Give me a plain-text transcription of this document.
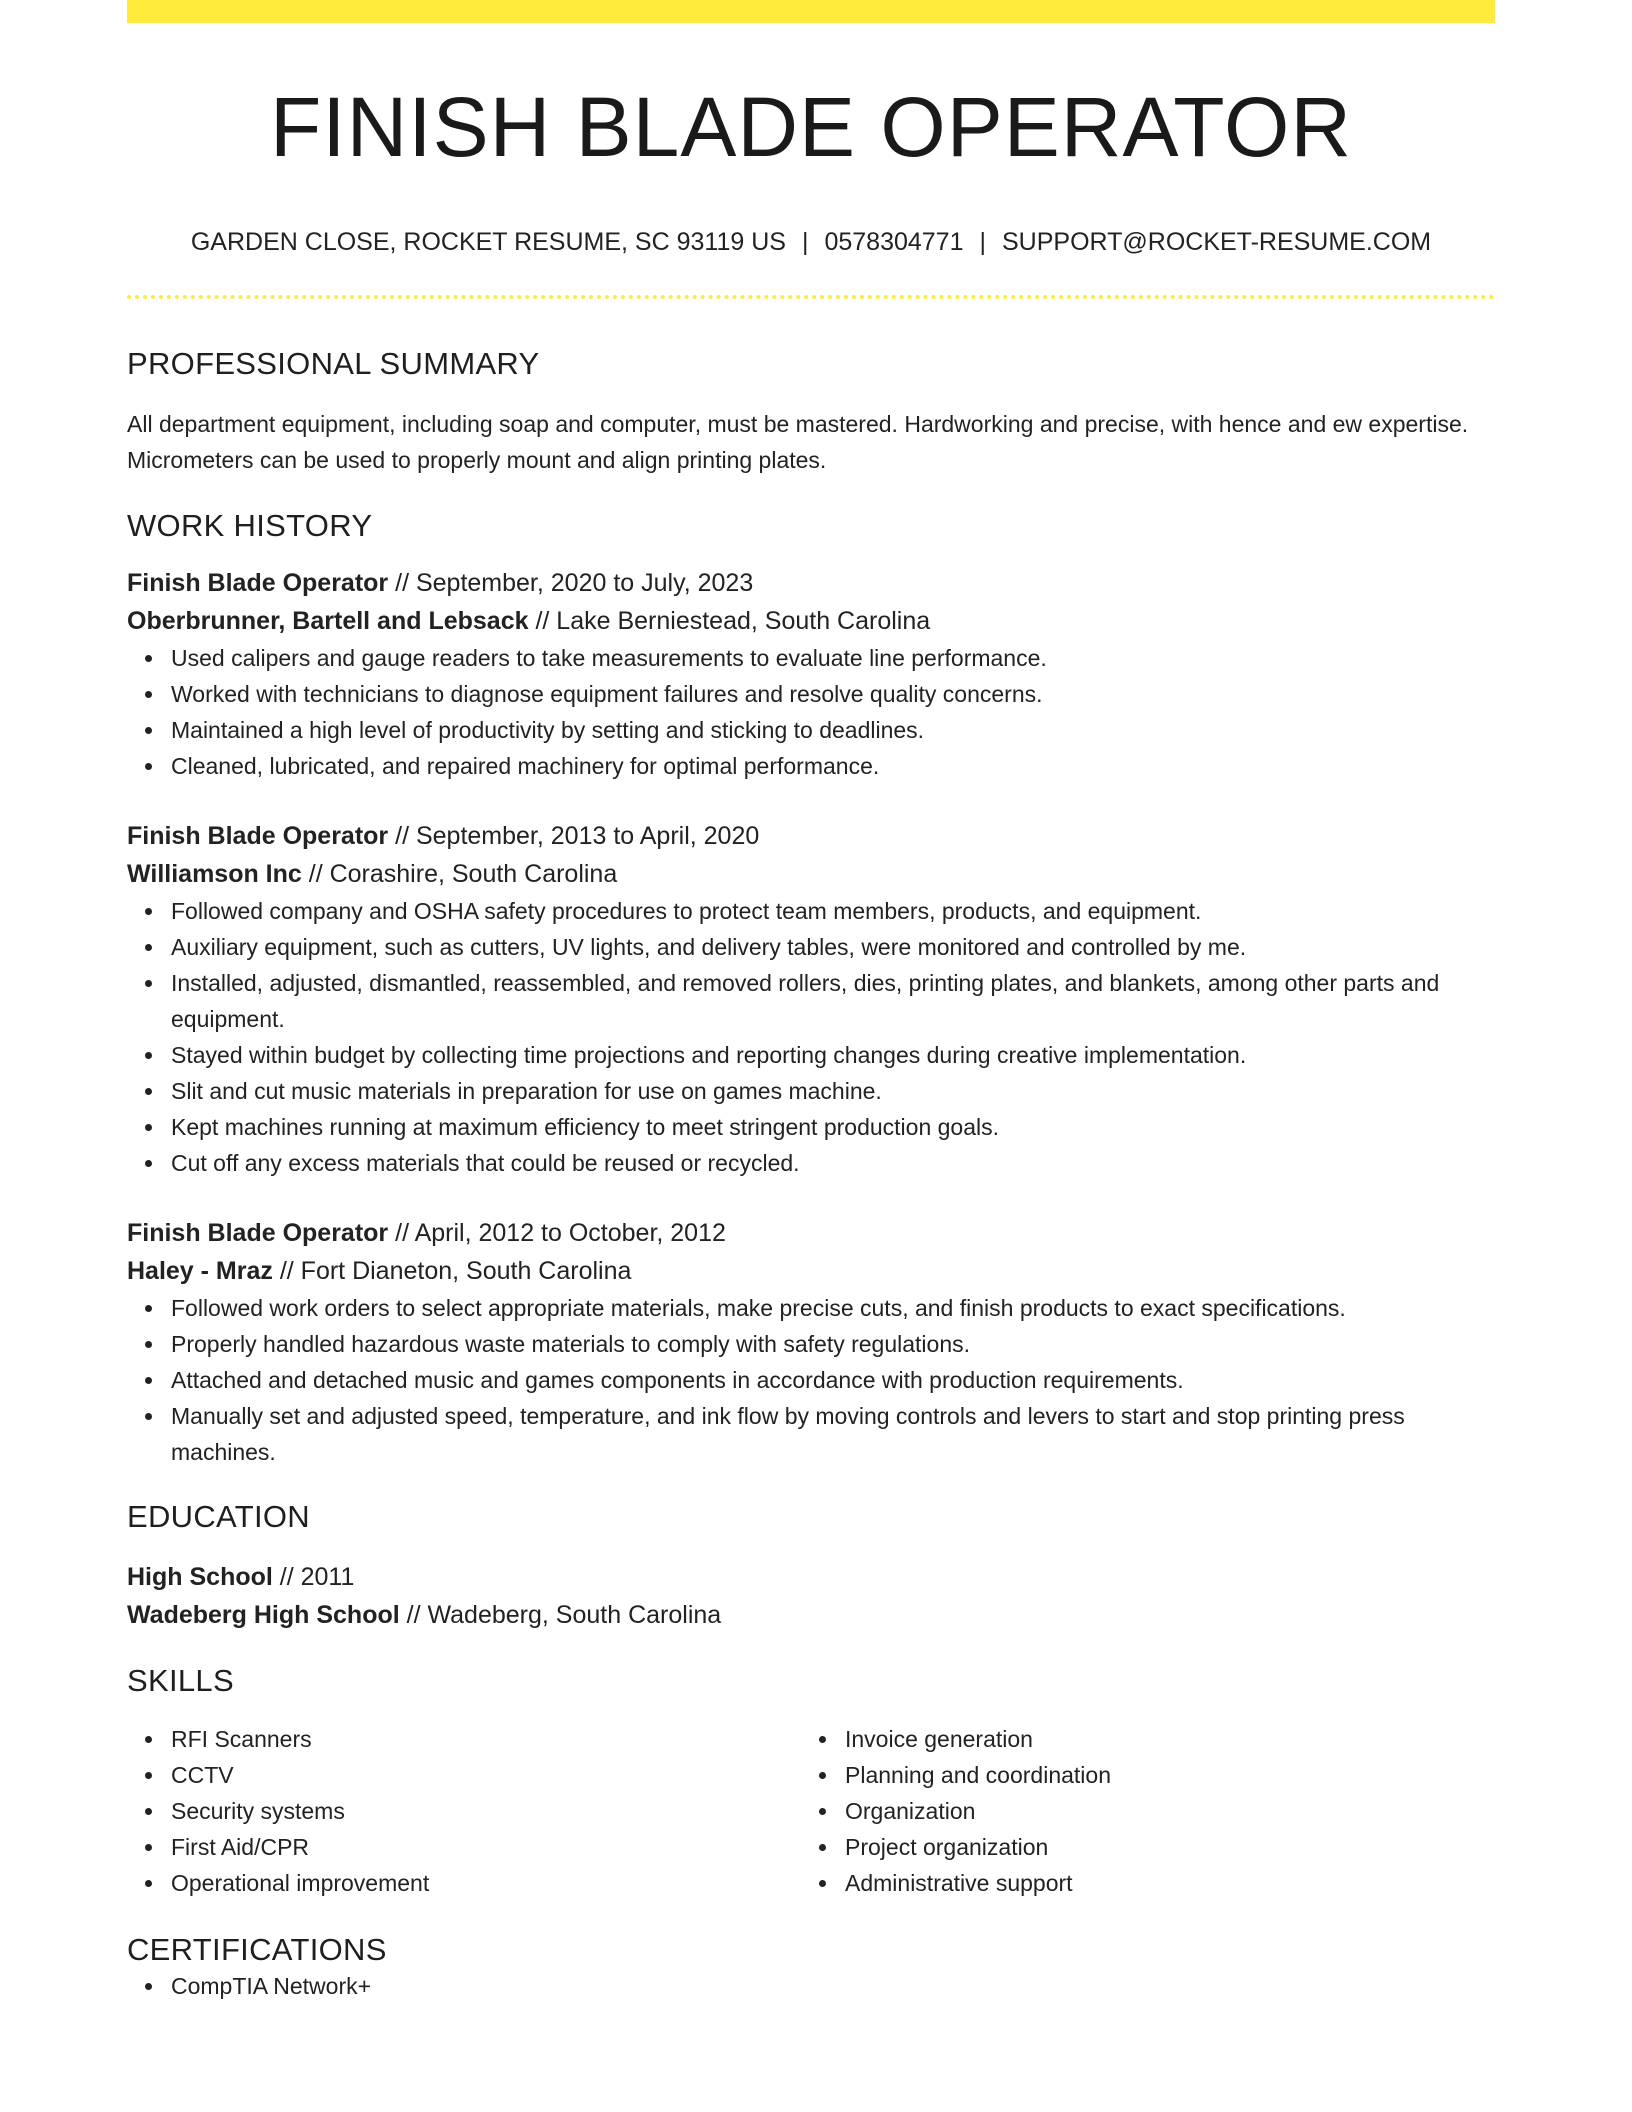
FINISH BLADE OPERATOR
GARDEN CLOSE, ROCKET RESUME, SC 93119 US | 0578304771 | SUPPORT@ROCKET-RESUME.COM
PROFESSIONAL SUMMARY
All department equipment, including soap and computer, must be mastered. Hardworking and precise, with hence and ew expertise. Micrometers can be used to properly mount and align printing plates.
WORK HISTORY
Finish Blade Operator // September, 2020 to July, 2023
Oberbrunner, Bartell and Lebsack // Lake Berniestead, South Carolina
Used calipers and gauge readers to take measurements to evaluate line performance.
Worked with technicians to diagnose equipment failures and resolve quality concerns.
Maintained a high level of productivity by setting and sticking to deadlines.
Cleaned, lubricated, and repaired machinery for optimal performance.
Finish Blade Operator // September, 2013 to April, 2020
Williamson Inc // Corashire, South Carolina
Followed company and OSHA safety procedures to protect team members, products, and equipment.
Auxiliary equipment, such as cutters, UV lights, and delivery tables, were monitored and controlled by me.
Installed, adjusted, dismantled, reassembled, and removed rollers, dies, printing plates, and blankets, among other parts and equipment.
Stayed within budget by collecting time projections and reporting changes during creative implementation.
Slit and cut music materials in preparation for use on games machine.
Kept machines running at maximum efficiency to meet stringent production goals.
Cut off any excess materials that could be reused or recycled.
Finish Blade Operator // April, 2012 to October, 2012
Haley - Mraz // Fort Dianeton, South Carolina
Followed work orders to select appropriate materials, make precise cuts, and finish products to exact specifications.
Properly handled hazardous waste materials to comply with safety regulations.
Attached and detached music and games components in accordance with production requirements.
Manually set and adjusted speed, temperature, and ink flow by moving controls and levers to start and stop printing press machines.
EDUCATION
High School // 2011
Wadeberg High School // Wadeberg, South Carolina
SKILLS
RFI Scanners
CCTV
Security systems
First Aid/CPR
Operational improvement
Invoice generation
Planning and coordination
Organization
Project organization
Administrative support
CERTIFICATIONS
CompTIA Network+
